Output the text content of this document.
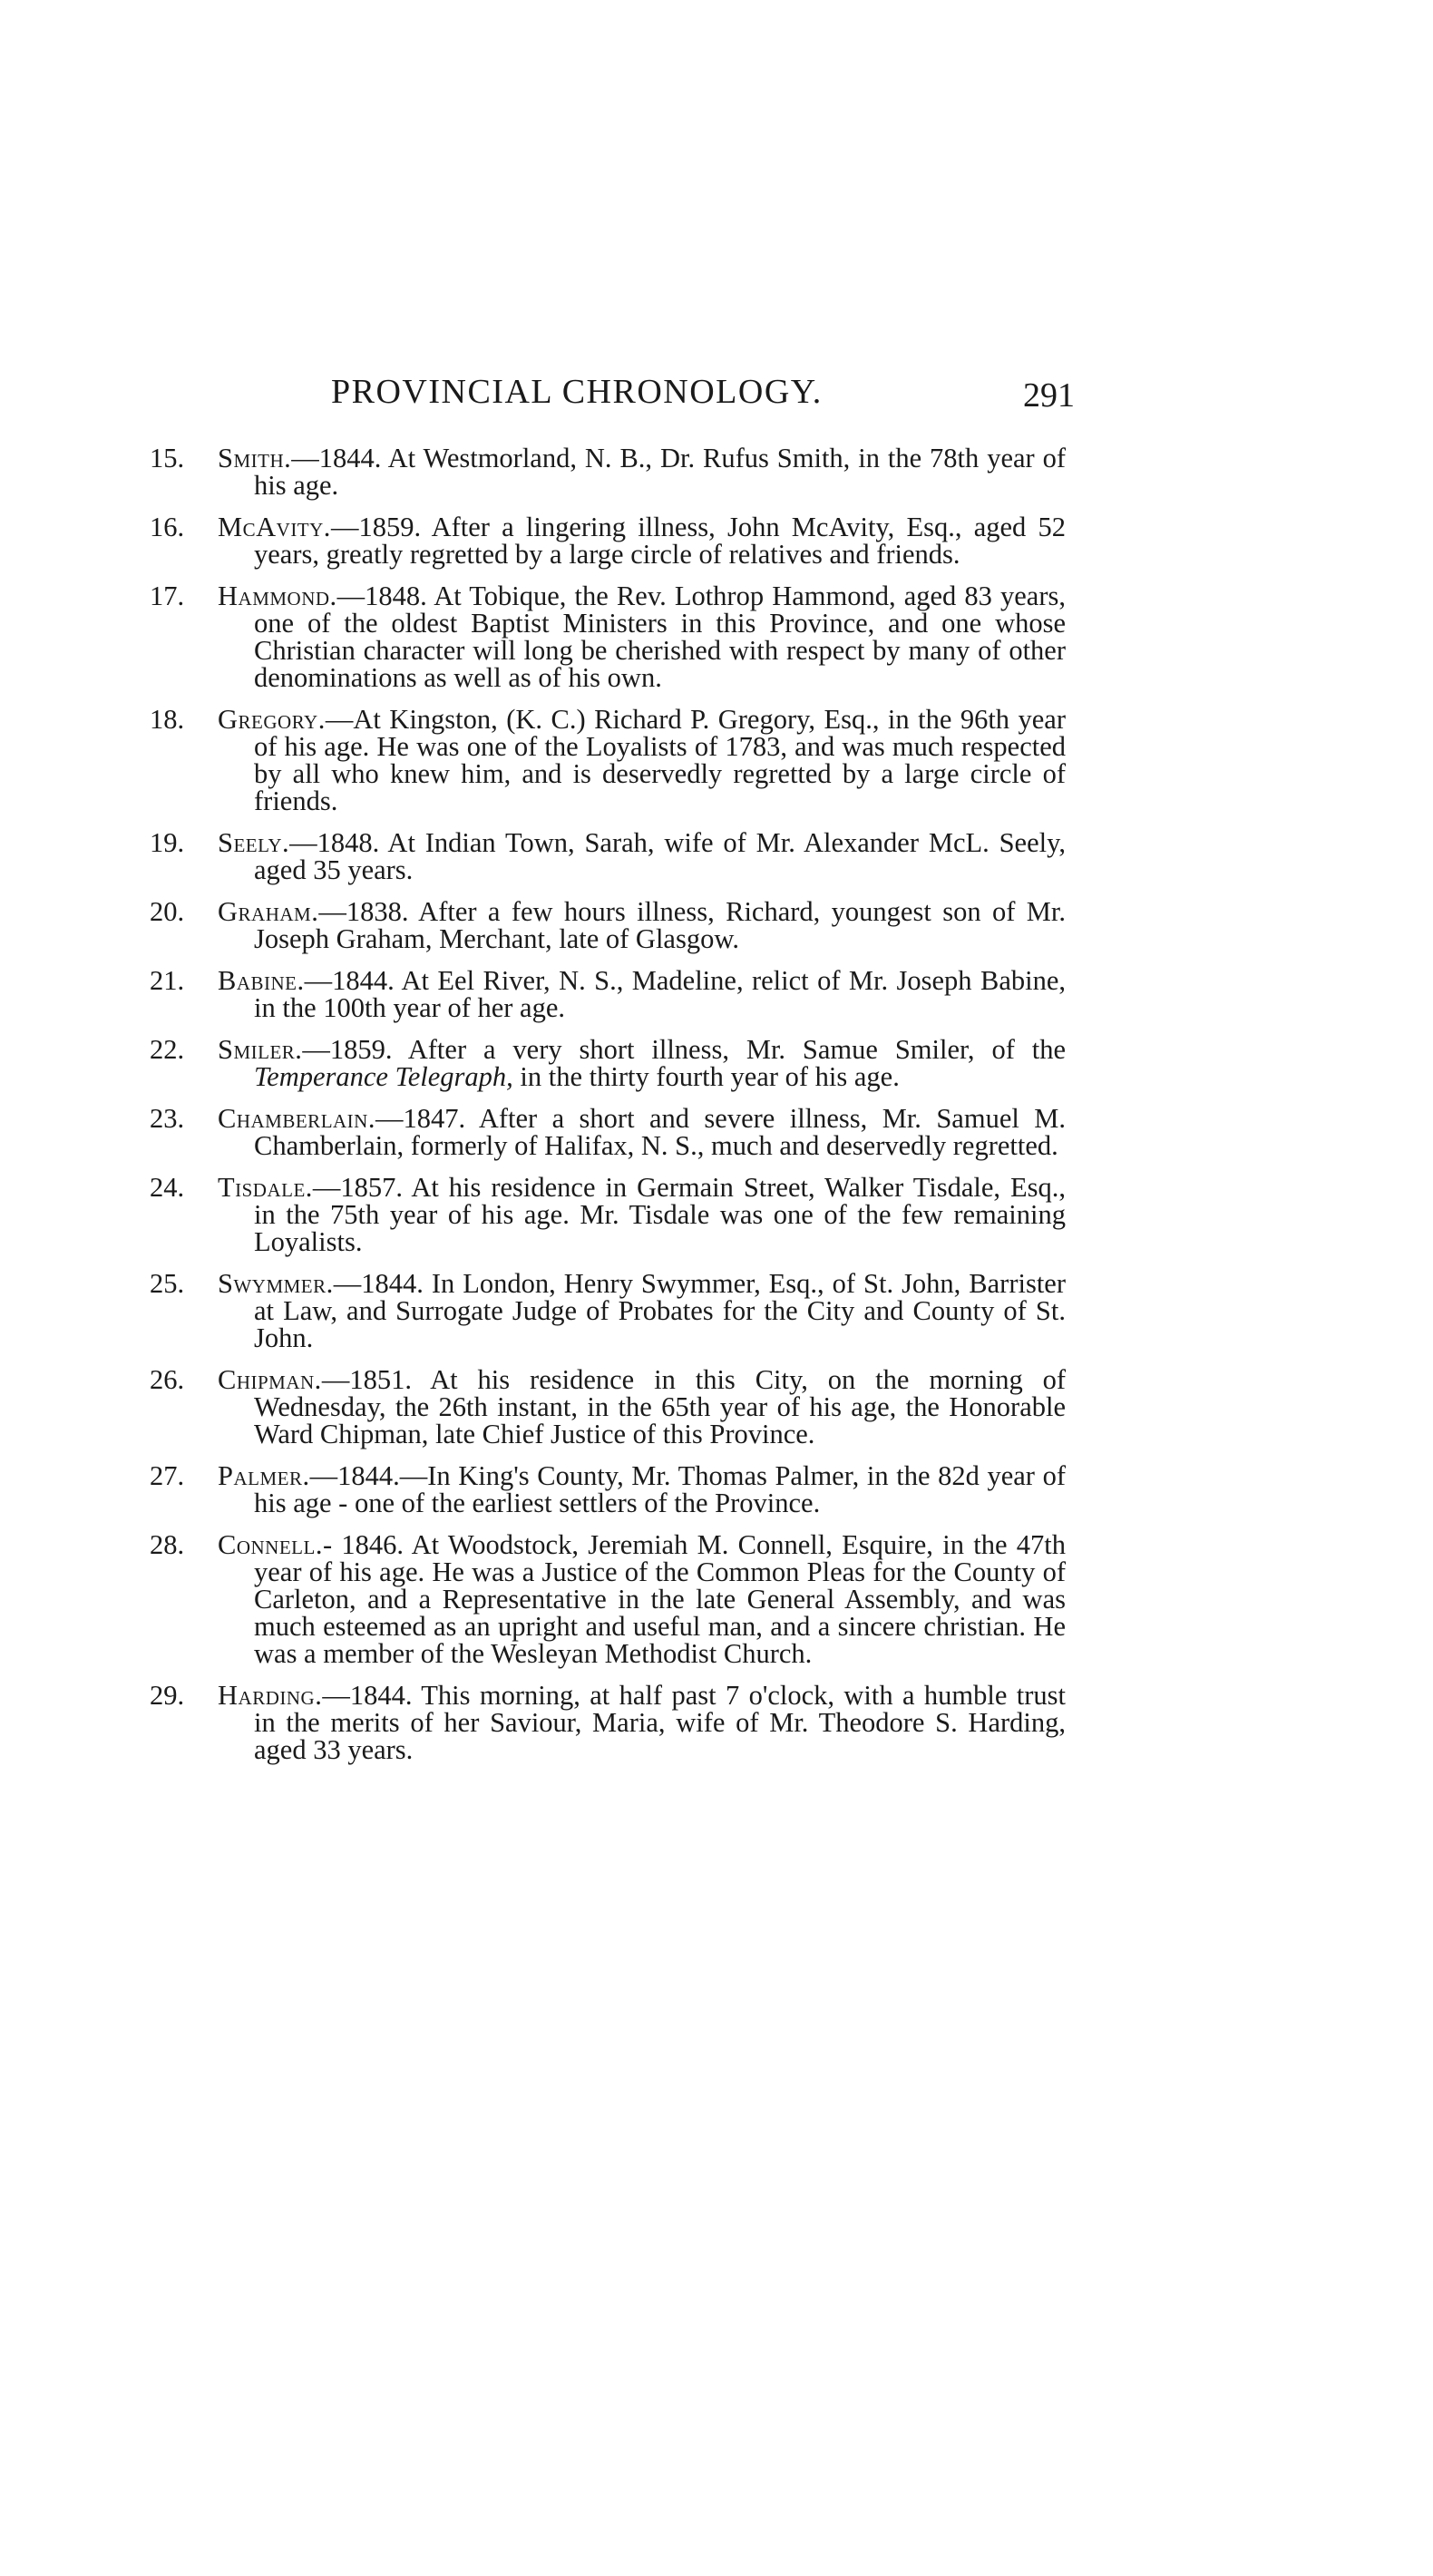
PROVINCIAL CHRONOLOGY.	291
15. Smith.—1844. At Westmorland, N. B., Dr. Rufus Smith, in the 78th year of his age.
16. McAvity.—1859. After a lingering illness, John McAvity, Esq., aged 52 years, greatly regretted by a large circle of relatives and friends.
17. Hammond.—1848. At Tobique, the Rev. Lothrop Hammond, aged 83 years, one of the oldest Baptist Ministers in this Province, and one whose Christian character will long be cherished with respect by many of other denominations as well as of his own.
18. Gregory.—At Kingston, (K. C.) Richard P. Gregory, Esq., in the 96th year of his age. He was one of the Loyalists of 1783, and was much respected by all who knew him, and is deservedly regretted by a large circle of friends.
19. Seely.—1848. At Indian Town, Sarah, wife of Mr. Alexander McL. Seely, aged 35 years.
20. Graham.—1838. After a few hours illness, Richard, youngest son of Mr. Joseph Graham, Merchant, late of Glasgow.
21. Babine.—1844. At Eel River, N. S., Madeline, relict of Mr. Joseph Babine, in the 100th year of her age.
22. Smiler.—1859. After a very short illness, Mr. Samue Smiler, of the Temperance Telegraph, in the thirty fourth year of his age.
23. Chamberlain.—1847. After a short and severe illness, Mr. Samuel M. Chamberlain, formerly of Halifax, N. S., much and deservedly regretted.
24. Tisdale.—1857. At his residence in Germain Street, Walker Tisdale, Esq., in the 75th year of his age. Mr. Tisdale was one of the few remaining Loyalists.
25. Swymmer.—1844. In London, Henry Swymmer, Esq., of St. John, Barrister at Law, and Surrogate Judge of Probates for the City and County of St. John.
26. Chipman.—1851. At his residence in this City, on the morning of Wednesday, the 26th instant, in the 65th year of his age, the Honorable Ward Chipman, late Chief Justice of this Province.
27. Palmer.—1844.—In King's County, Mr. Thomas Palmer, in the 82d year of his age - one of the earliest settlers of the Province.
28. Connell.- 1846. At Woodstock, Jeremiah M. Connell, Esquire, in the 47th year of his age. He was a Justice of the Common Pleas for the County of Carleton, and a Representative in the late General Assembly, and was much esteemed as an upright and useful man, and a sincere christian. He was a member of the Wesleyan Methodist Church.
29. Harding.—1844. This morning, at half past 7 o'clock, with a humble trust in the merits of her Saviour, Maria, wife of Mr. Theodore S. Harding, aged 33 years.
